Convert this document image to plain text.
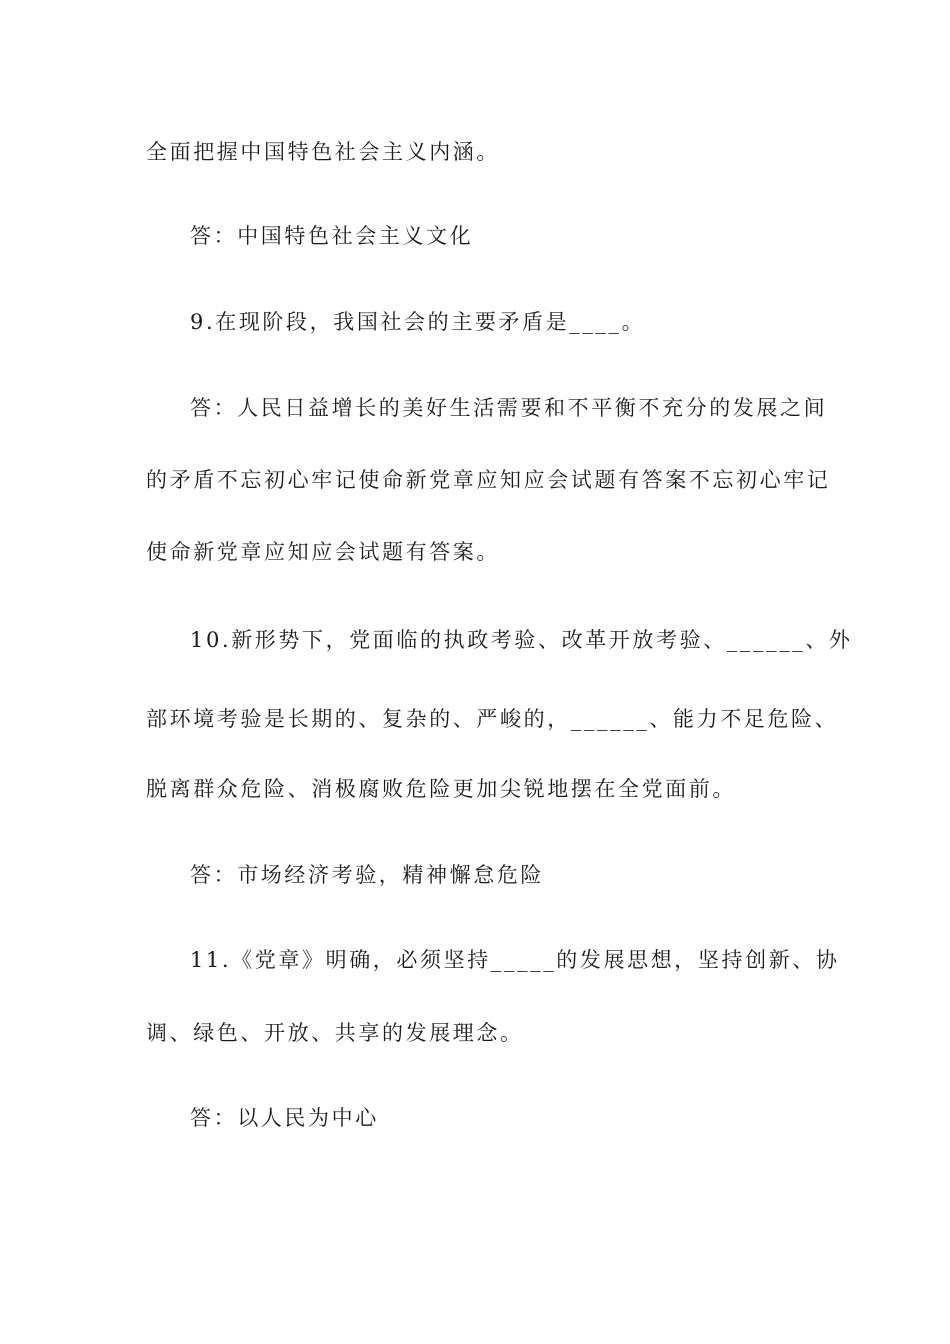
全面把握中国特色社会主义内涵。
答：中国特色社会主义文化
9.在现阶段，我国社会的主要矛盾是____。
答：人民日益增长的美好生活需要和不平衡不充分的发展之间
的矛盾不忘初心牢记使命新党章应知应会试题有答案不忘初心牢记
使命新党章应知应会试题有答案。
10.新形势下，党面临的执政考验、改革开放考验、______、外
部环境考验是长期的、复杂的、严峻的，______、能力不足危险、
脱离群众危险、消极腐败危险更加尖锐地摆在全党面前。
答：市场经济考验，精神懈怠危险
11.《党章》明确，必须坚持_____的发展思想，坚持创新、协
调、绿色、开放、共享的发展理念。
答：以人民为中心
